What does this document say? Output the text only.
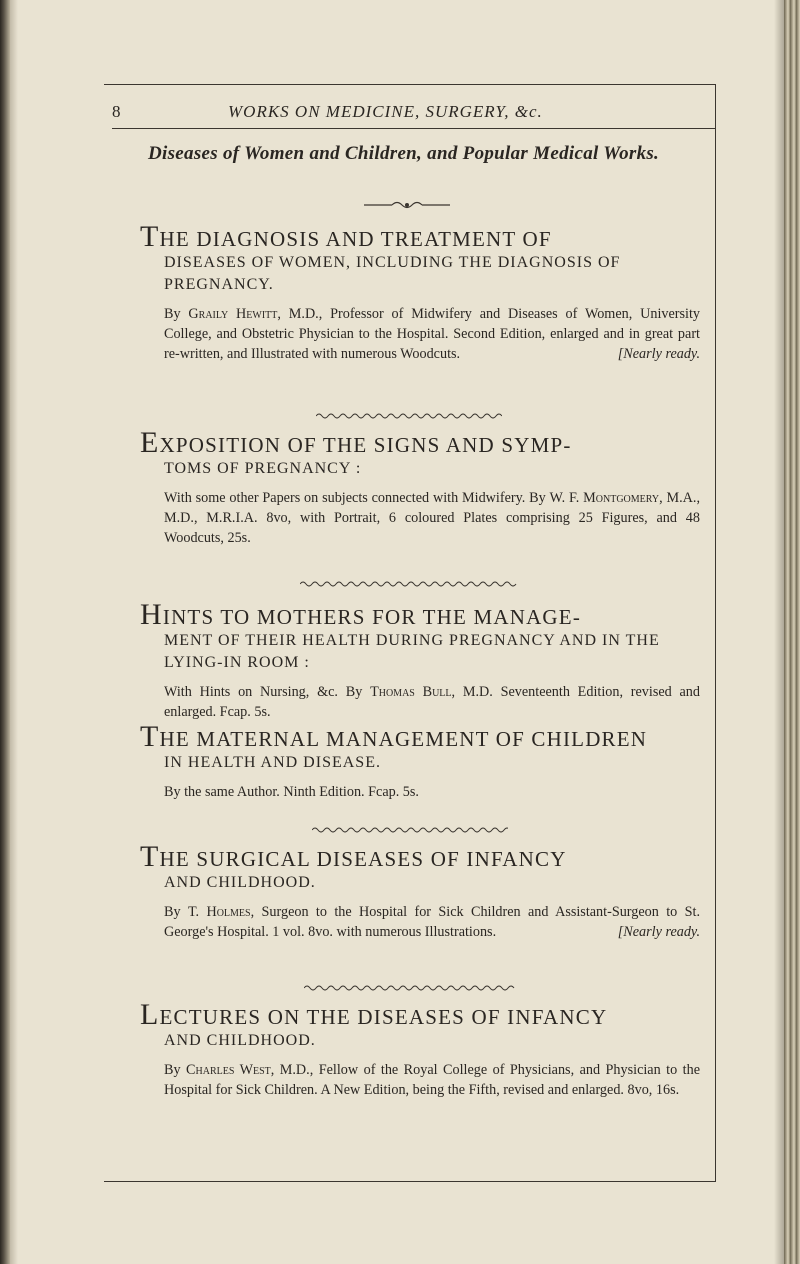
8	WORKS ON MEDICINE, SURGERY, &c.
Diseases of Women and Children, and Popular Medical Works.
THE DIAGNOSIS AND TREATMENT OF
DISEASES OF WOMEN, INCLUDING THE DIAGNOSIS OF PREGNANCY.
By Graily Hewitt, M.D., Professor of Midwifery and Diseases of Women, University College, and Obstetric Physician to the Hospital. Second Edition, enlarged and in great part re-written, and Illustrated with numerous Woodcuts.	[Nearly ready.
EXPOSITION OF THE SIGNS AND SYMP-
TOMS OF PREGNANCY :
With some other Papers on subjects connected with Midwifery. By W. F. Montgomery, M.A., M.D., M.R.I.A. 8vo, with Portrait, 6 coloured Plates comprising 25 Figures, and 48 Woodcuts, 25s.
HINTS TO MOTHERS FOR THE MANAGE-
MENT OF THEIR HEALTH DURING PREGNANCY AND IN THE LYING-IN ROOM :
With Hints on Nursing, &c. By Thomas Bull, M.D. Seventeenth Edition, revised and enlarged. Fcap. 5s.
THE MATERNAL MANAGEMENT OF CHILDREN
IN HEALTH AND DISEASE.
By the same Author. Ninth Edition. Fcap. 5s.
THE SURGICAL DISEASES OF INFANCY
AND CHILDHOOD.
By T. Holmes, Surgeon to the Hospital for Sick Children and Assistant-Surgeon to St. George's Hospital. 1 vol. 8vo. with numerous Illustrations.	[Nearly ready.
LECTURES ON THE DISEASES OF INFANCY
AND CHILDHOOD.
By Charles West, M.D., Fellow of the Royal College of Physicians, and Physician to the Hospital for Sick Children. A New Edition, being the Fifth, revised and enlarged. 8vo, 16s.
